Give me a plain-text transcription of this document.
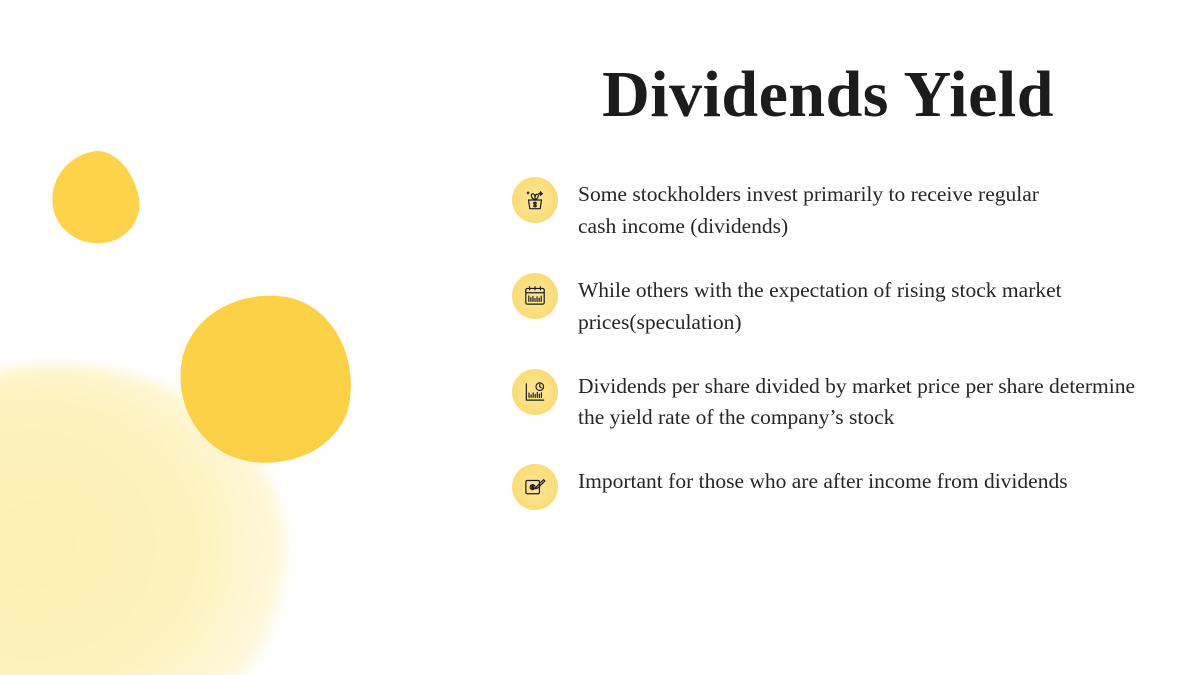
Dividends Yield
Some stockholders invest primarily to receive regular cash income (dividends)
While others with the expectation of rising stock market prices(speculation)
Dividends per share divided by market price per share determine the yield rate of the company’s stock
Important for those who are after income from dividends
